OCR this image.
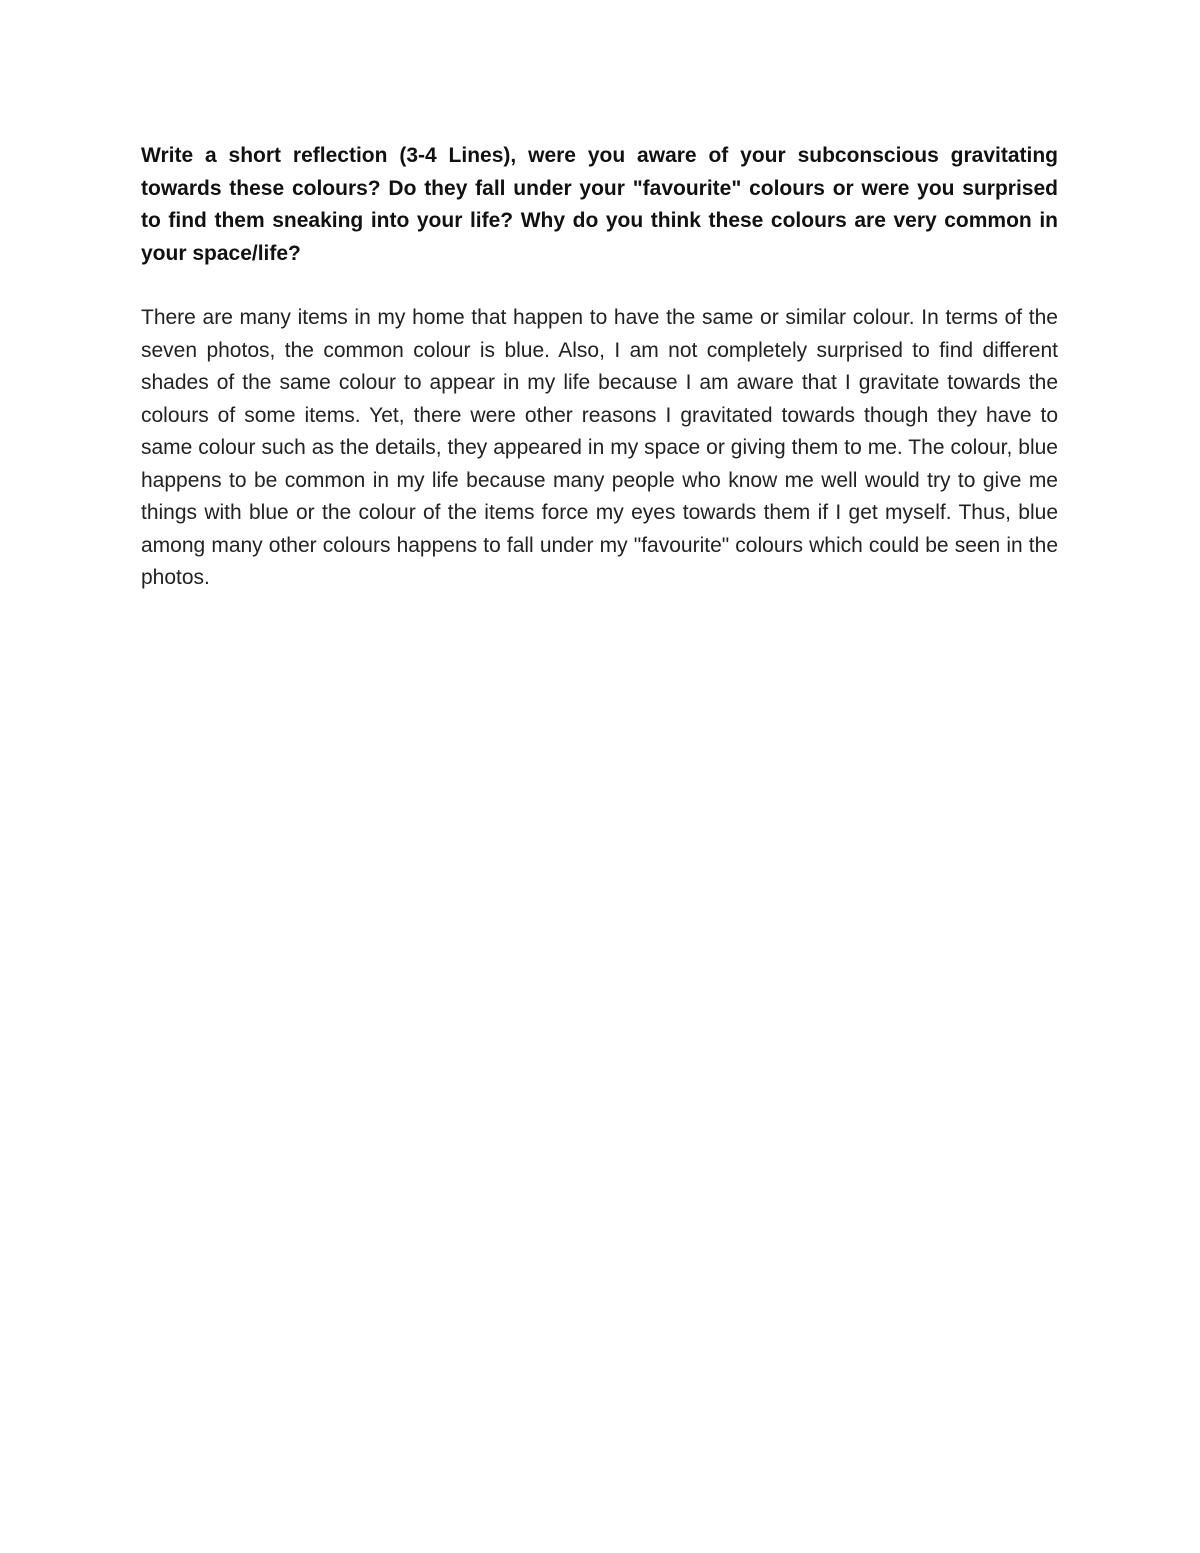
Write a short reflection (3-4 Lines), were you aware of your subconscious gravitating towards these colours? Do they fall under your "favourite" colours or were you surprised to find them sneaking into your life? Why do you think these colours are very common in your space/life?

There are many items in my home that happen to have the same or similar colour. In terms of the seven photos, the common colour is blue. Also, I am not completely surprised to find different shades of the same colour to appear in my life because I am aware that I gravitate towards the colours of some items. Yet, there were other reasons I gravitated towards though they have to same colour such as the details, they appeared in my space or giving them to me. The colour, blue happens to be common in my life because many people who know me well would try to give me things with blue or the colour of the items force my eyes towards them if I get myself. Thus, blue among many other colours happens to fall under my "favourite" colours which could be seen in the photos.
